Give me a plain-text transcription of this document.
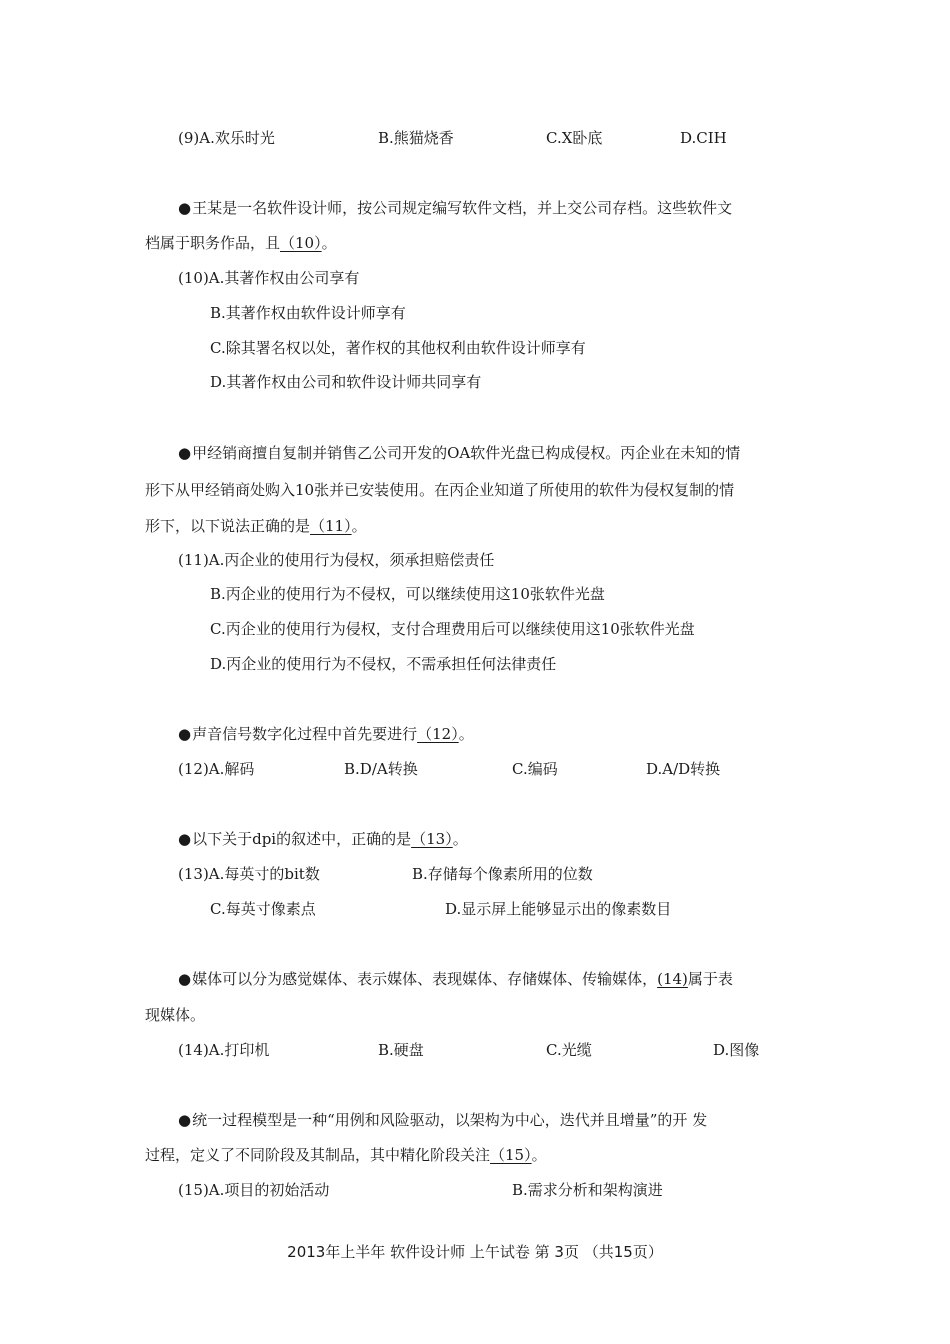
(9)A.欢乐时光	B.熊猫烧香	C.X卧底	D.CIH
●王某是一名软件设计师，按公司规定编写软件文档，并上交公司存档。这些软件文
档属于职务作品，且（10）。
(10)A.其著作权由公司享有
B.其著作权由软件设计师享有
C.除其署名权以处，著作权的其他权利由软件设计师享有
D.其著作权由公司和软件设计师共同享有
●甲经销商擅自复制并销售乙公司开发的OA软件光盘已构成侵权。丙企业在未知的情
形下从甲经销商处购入10张并已安装使用。在丙企业知道了所使用的软件为侵权复制的情
形下，以下说法正确的是（11）。
(11)A.丙企业的使用行为侵权，须承担赔偿责任
B.丙企业的使用行为不侵权，可以继续使用这10张软件光盘
C.丙企业的使用行为侵权，支付合理费用后可以继续使用这10张软件光盘
D.丙企业的使用行为不侵权，不需承担任何法律责任
●声音信号数字化过程中首先要进行（12）。
(12)A.解码	B.D/A转换	C.编码	D.A/D转换
●以下关于dpi的叙述中，正确的是（13）。
(13)A.每英寸的bit数	B.存储每个像素所用的位数
C.每英寸像素点	D.显示屏上能够显示出的像素数目
●媒体可以分为感觉媒体、表示媒体、表现媒体、存储媒体、传输媒体，(14)属于表
现媒体。
(14)A.打印机	B.硬盘	C.光缆	D.图像
●统一过程模型是一种“用例和风险驱动，以架构为中心，迭代并且增量”的开 发
过程，定义了不同阶段及其制品，其中精化阶段关注（15）。
(15)A.项目的初始活动	B.需求分析和架构演进
2013年上半年 软件设计师 上午试卷 第 3页 （共15页）
